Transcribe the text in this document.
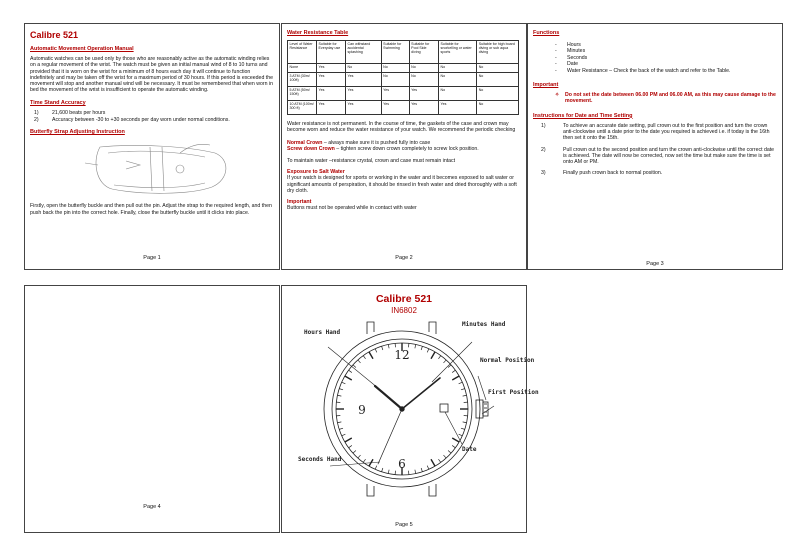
Calibre 521
Automatic Movement Operation Manual

Automatic watches can be used only by those who are reasonably active as the automatic winding relies on a regular movement of the wrist. The watch must be given an initial manual wind of 8 to 10 turns and provided that it is worn on the wrist for a minimum of 8 hours each day it will continue to function indefinitely and may be taken off the wrist for a maximum period of 30 hours. If this period is exceeded the movement will stop and another manual wind will be necessary. It must be remembered that when worn in bed the movement of the wrist is insufficient to operate the automatic winding.

Time Stand Accuracy
1)	21,600 beats per hours
2)	Accuracy between -30 to +30 seconds per day worn under normal conditions.
Butterfly Strap Adjusting Instruction

Firstly, open the butterfly buckle and then pull out the pin. Adjust the strap to the required length, and then push back the pin into the correct hole. Finally, close the butterfly buckle until it clicks into place.

Page 1
Water Resistance Table
Level of Water Resistance	Suitable for Everyday use	Can withstand accidental splashing	Suitable for Swimming	Suitable for Pool Side diving	Suitable for snorkelling or water sports	Suitable for high board diving or sub aqua diving
None	Yes	No	No	No	No	No
3 ATM (30m/ 100ft)	Yes	Yes	No	No	No	No
5 ATM (50m/ 150ft)	Yes	Yes	Yes	Yes	No	No
10 ATM (100m/ 300 ft)	Yes	Yes	Yes	Yes	Yes	No

Water resistance is not permanent. In the course of time, the gaskets of the case and crown may become worn and reduce the water resistance of your watch. We recommend the periodic checking

Normal Crown – always make sure it is pushed fully into case

Screw down Crown – tighten screw down crown completely to screw lock position.

To maintain water –resistance crystal, crown and case must remain intact

Exposure to Salt Water

If your watch is designed for sports or working in the water and it becomes exposed to salt water or significant amounts of perspiration, it should be rinsed in fresh water and dried thoroughly with a soft dry cloth.

Important

Buttons must not be operated while in contact with water

Page 2
Functions
-	Hours
-	Minutes
-	Seconds
-	Date
-	Water Resistance – Check the back of the watch and refer to the Table.
Important
✧	Do not set the date between 06.00 PM and 06.00 AM, as this may cause damage to the movement.
Instructions for Date and Time Setting
1)	To achieve an accurate date setting, pull crown out to the first position and turn the crown anti-clockwise until a date prior to the date you required is achieved i.e. if today is the 16th then set it onto the 15th.
2)	Pull crown out to the second position and turn the crown anti-clockwise until the correct date is achieved. The date will now be corrected, now set the time but make sure the time is set onto AM or PM.
3)	Finally push crown back to normal position.
Page 3
Page 4
Calibre 521
IN6802
12
9
6
Hours Hand
Minutes Hand
Normal Position
First Position
Date
Seconds Hand
Page 5
